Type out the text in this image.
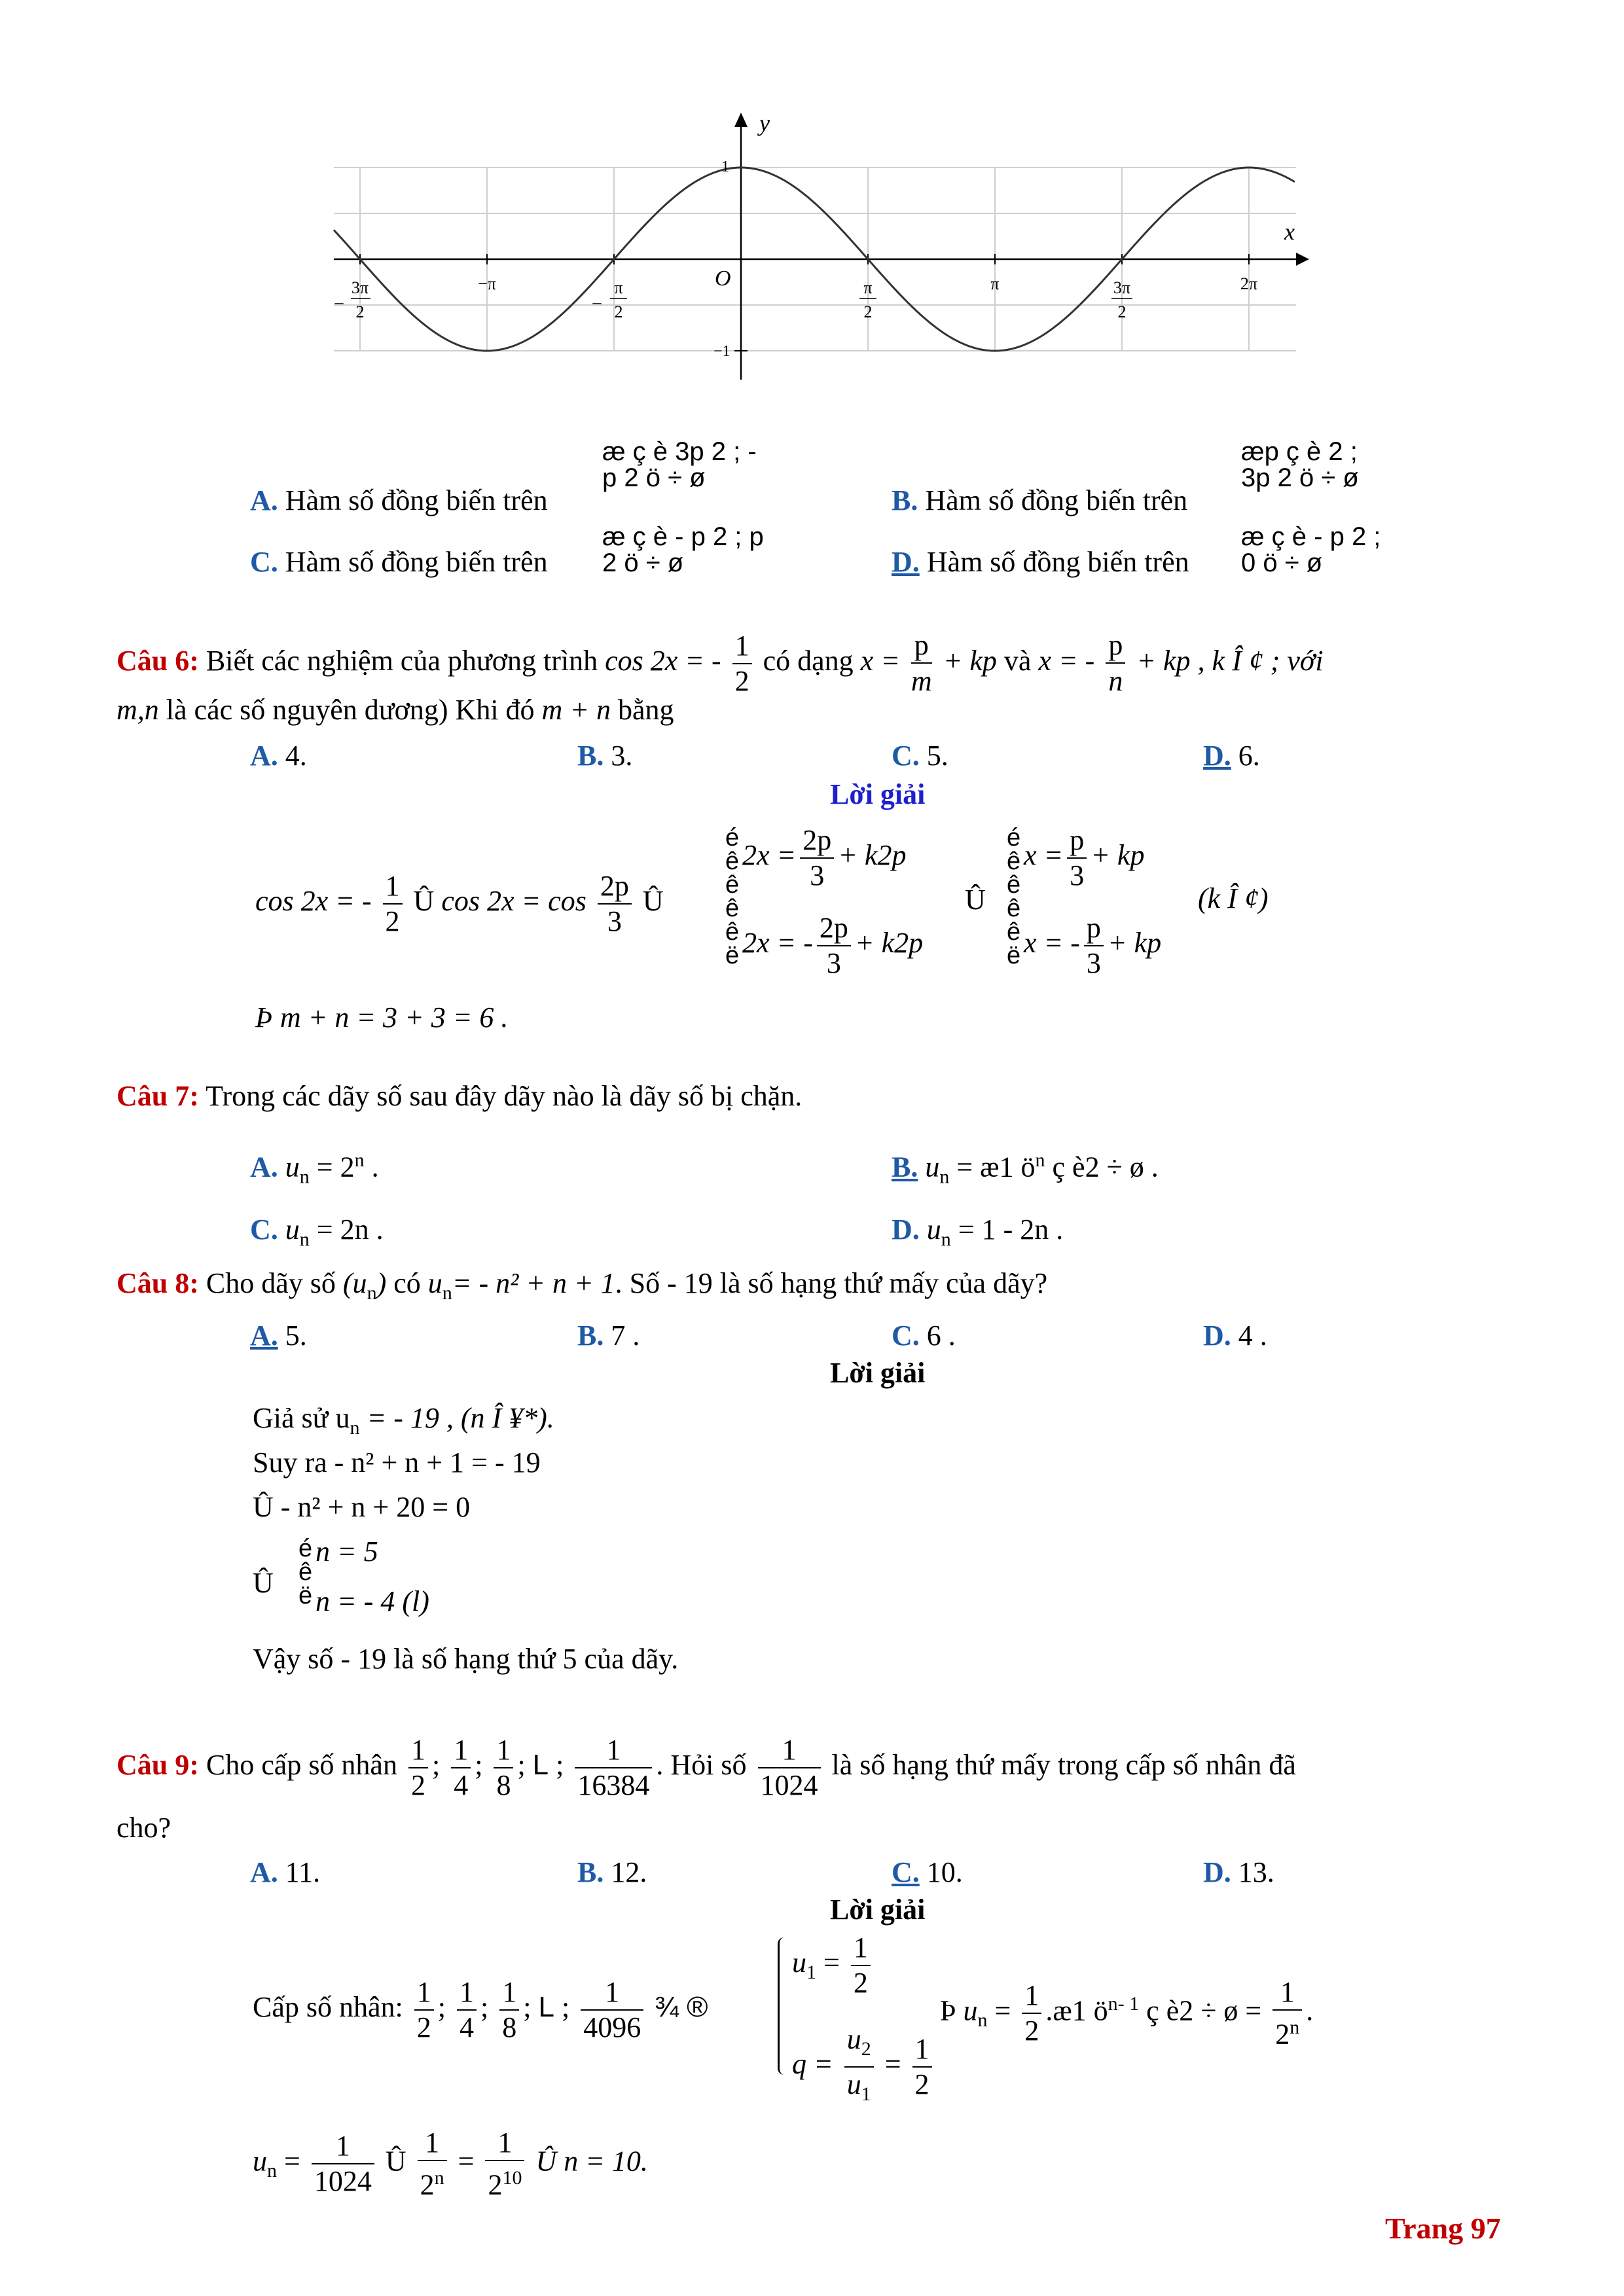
y
x
O
1
−1
–
3π
2
−π
–
π
2
π
2
π	3π
2
2π
A. Hàm số đồng biến trên
æ ç è 3p 2 ; - p 2 ö ÷ ø
B. Hàm số đồng biến trên
æp ç è 2 ; 3p 2 ö ÷ ø
C. Hàm số đồng biến trên
æ ç è - p 2 ; p 2 ö ÷ ø	D. Hàm số đồng biến trên
æ ç è - p 2 ; 0 ö ÷ ø
Câu 6: Biết các nghiệm của phương trình cos 2x = - $\frac{1}{2}$ có dạng $x = \frac{p}{m}$ + kp và x = - $\frac{p}{n}$ + kp , k Î ¢ ; với
m,n là các số nguyên dương) Khi đó m + n bằng
A. 4.	B. 3.	C. 5.	D. 6.
Lời giải
cos 2x = - $\frac{1}{2}$ Û $\cos 2x = \cos \frac{2p}{3}$ Û
é ê ê ê ê ë
$2x = \frac{2p}{3} + k2p$
2x = - $\frac{2p}{3} + k2p$
Û
é ê ê ê ê ë
$x = \frac{p}{3}$ + kp
x = - $\frac{p}{3}$ + kp
(k Î ¢)
Þ m + n = 3 + 3 = 6 .
Câu 7: Trong các dãy số sau đây dãy nào là dãy số bị chặn.
A. $u_n = 2^n$ .	B. $u_n$ = æ1 $ö^n$ ç è2 ÷ ø .
C. $u_n = 2n$ .	D. $u_n = 1 - 2n$ .
Câu 8: Cho dãy số $(u_n)$ có $u_n= - n^2 + n + 1$. Số - 19 là số hạng thứ mấy của dãy?
A. 5.	B. 7 .	C. 6 .	D. 4 .
Lời giải
Giả sử $u_n$ = - 19 , (n Î ¥*).
Suy ra - n² + n + 1 = - 19
Û - n² + n + 20 = 0
Û
é ê ë
n = 5
n = - 4 (l)
Vậy số - 19 là số hạng thứ 5 của dãy.
Câu 9: Cho cấp số nhân $\frac{1}{2}$ ; $\frac{1}{4}$ ; $\frac{1}{8}$ ; L ; $\frac{1}{16384}$ . Hỏi số $\frac{1}{1024}$ là số hạng thứ mấy trong cấp số nhân đã
cho?
A. 11.	B. 12.	C. 10.	D. 13.
Lời giải
Cấp số nhân: $\frac{1}{2}$ ; $\frac{1}{4}$ ; $\frac{1}{8}$ ; L ; $\frac{1}{4096}$ ¾ ®
$u_1 = \frac{1}{2}$
$q = \frac{u_2}{u_1} = \frac{1}{2}$
Þ $u_n = \frac{1}{2}$ .æ1 $ö^{n- 1}$ ç è2 ÷ ø = $\frac{1}{2^n}$ .
$u_n = \frac{1}{1024}$ Û $\frac{1}{2^n} = \frac{1}{2^{10}}$ Û n = 10.
Trang 97
